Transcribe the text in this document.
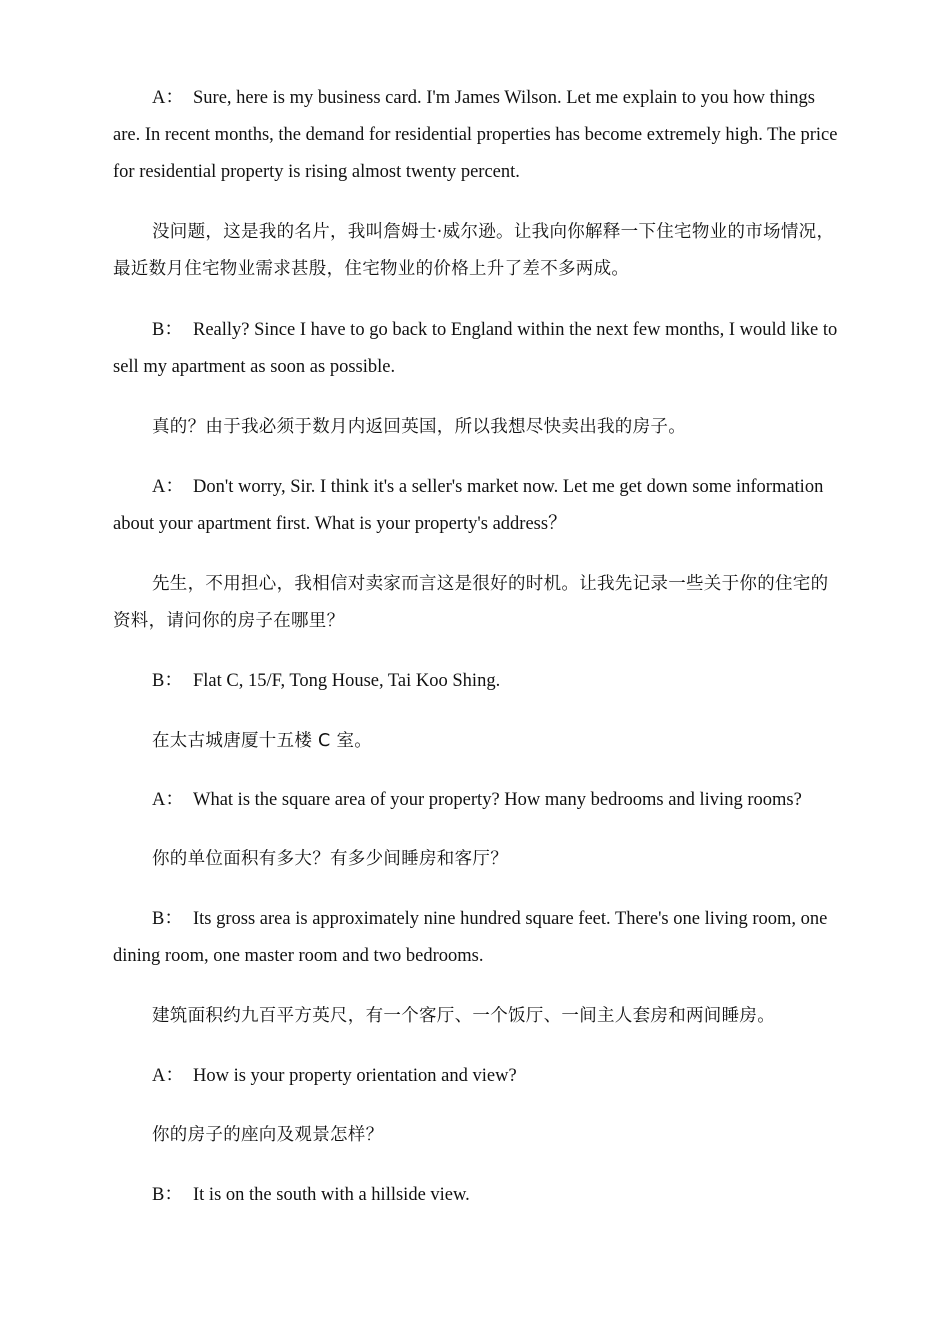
A： Sure, here is my business card. I'm James Wilson. Let me explain to you how things are. In recent months, the demand for residential properties has become extremely high. The price for residential property is rising almost twenty percent.

没问题，这是我的名片，我叫詹姆士·威尔逊。让我向你解释一下住宅物业的市场情况，最近数月住宅物业需求甚殷，住宅物业的价格上升了差不多两成。

B： Really? Since I have to go back to England within the next few months, I would like to sell my apartment as soon as possible.

真的？由于我必须于数月内返回英国，所以我想尽快卖出我的房子。

A： Don't worry, Sir. I think it's a seller's market now. Let me get down some information about your apartment first. What is your property's address？

先生，不用担心，我相信对卖家而言这是很好的时机。让我先记录一些关于你的住宅的资料，请问你的房子在哪里？

B： Flat C, 15/F, Tong House, Tai Koo Shing.

在太古城唐厦十五楼 C 室。

A： What is the square area of your property? How many bedrooms and living rooms?

你的单位面积有多大？有多少间睡房和客厅？

B： Its gross area is approximately nine hundred square feet. There's one living room, one dining room, one master room and two bedrooms.

建筑面积约九百平方英尺，有一个客厅、一个饭厅、一间主人套房和两间睡房。

A： How is your property orientation and view?

你的房子的座向及观景怎样？

B： It is on the south with a hillside view.
